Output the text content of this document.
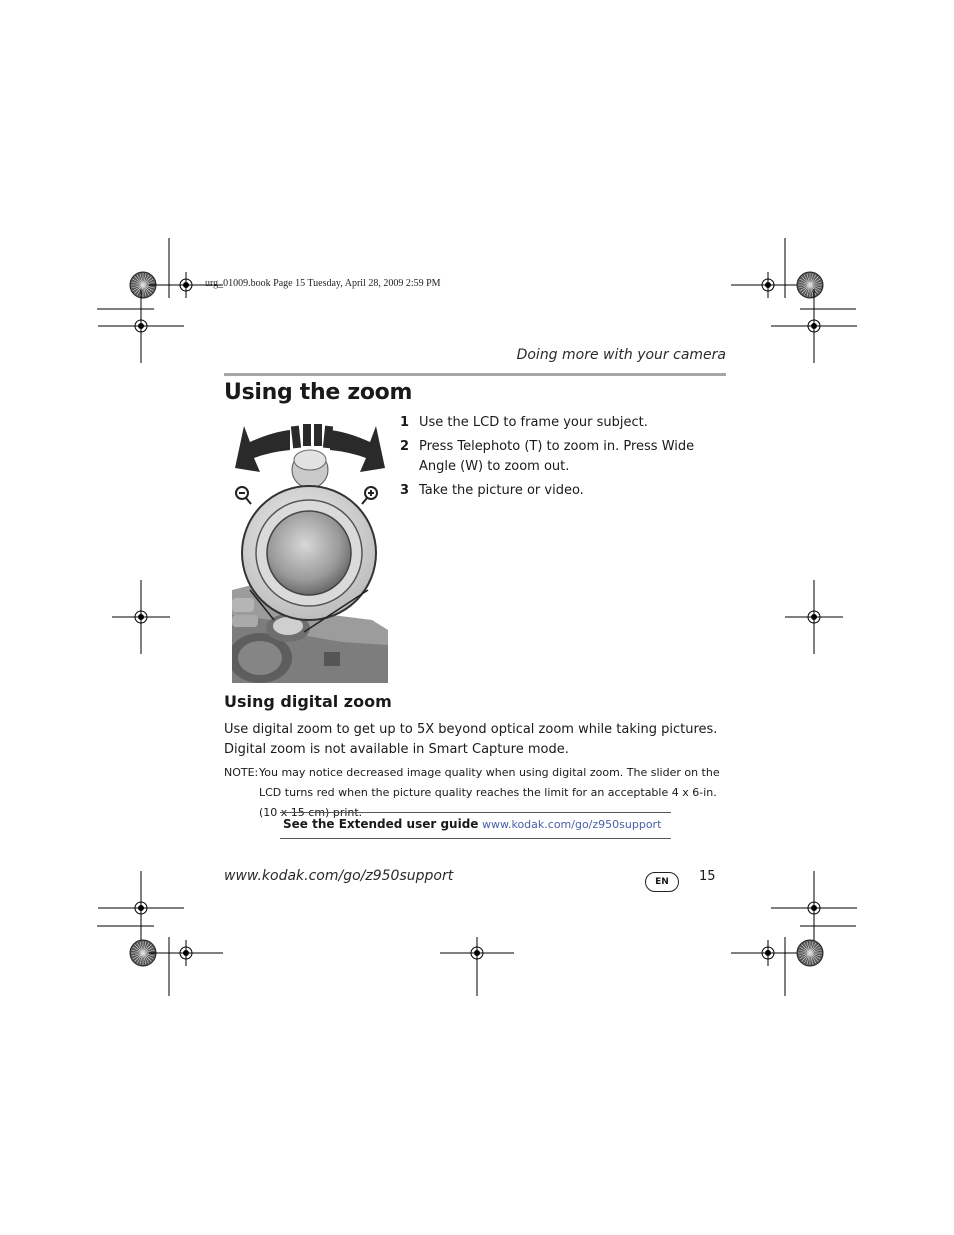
urg_01009.book Page 15 Tuesday, April 28, 2009 2:59 PM
Doing more with your camera
Using the zoom
1 Use the LCD to frame your subject.
2 Press Telephoto (T) to zoom in. Press Wide Angle (W) to zoom out.
3 Take the picture or video.
Using digital zoom

Use digital zoom to get up to 5X beyond optical zoom while taking pictures. Digital zoom is not available in Smart Capture mode.

NOTE: You may notice decreased image quality when using digital zoom. The slider on the LCD turns red when the picture quality reaches the limit for an acceptable 4 x 6-in. (10 x 15 cm) print.
See the Extended user guide www.kodak.com/go/z950support
www.kodak.com/go/z950support	EN	15
